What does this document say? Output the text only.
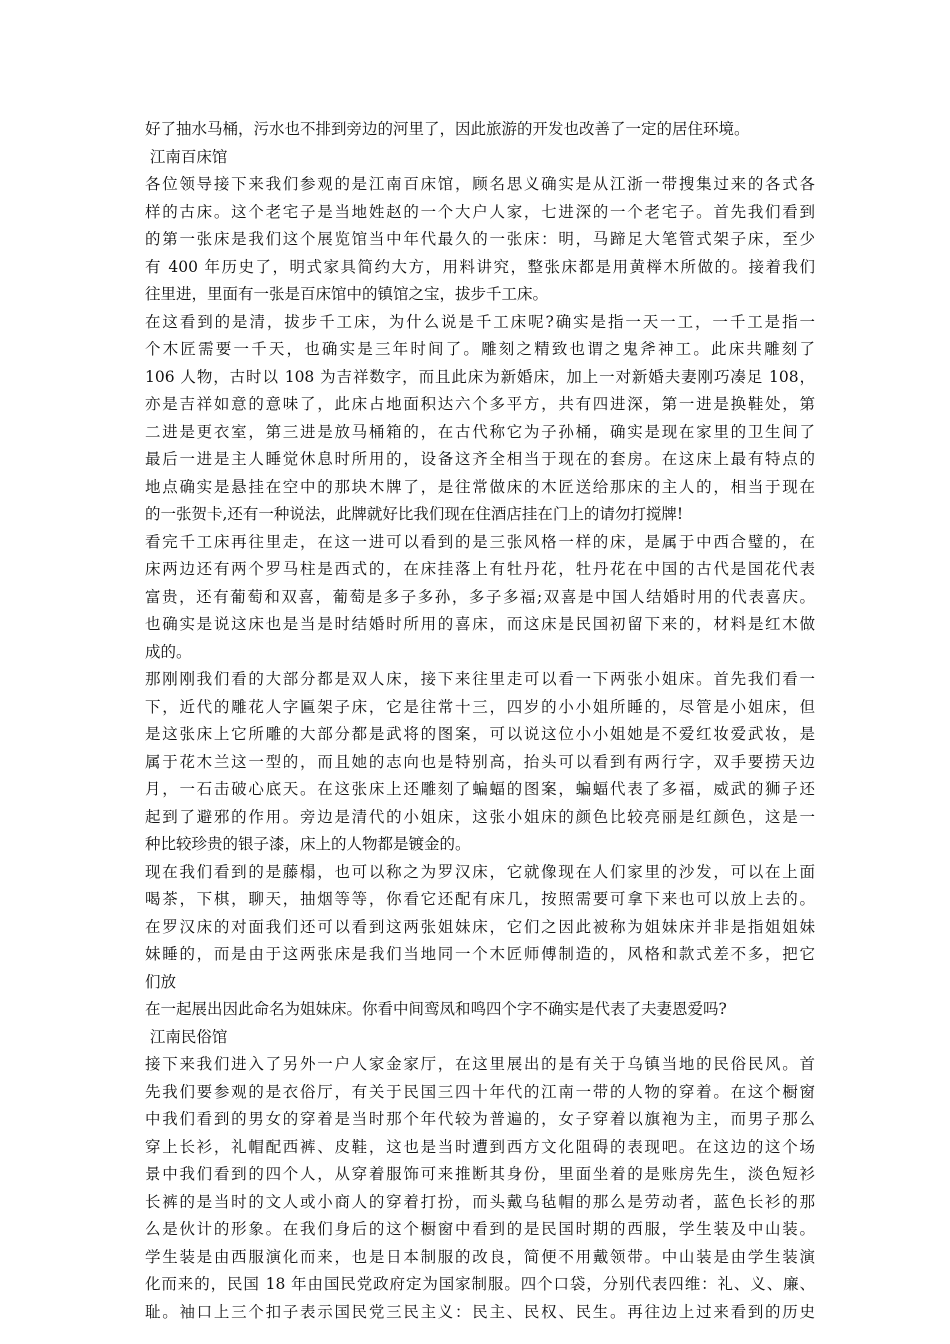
好了抽水马桶，污水也不排到旁边的河里了，因此旅游的开发也改善了一定的居住环境。
江南百床馆
各位领导接下来我们参观的是江南百床馆，顾名思义确实是从江浙一带搜集过来的各式各
样的古床。这个老宅子是当地姓赵的一个大户人家，七进深的一个老宅子。首先我们看到
的第一张床是我们这个展览馆当中年代最久的一张床：明，马蹄足大笔管式架子床，至少
有 400 年历史了，明式家具简约大方，用料讲究，整张床都是用黄榉木所做的。接着我们
往里进，里面有一张是百床馆中的镇馆之宝，拔步千工床。
在这看到的是清，拔步千工床，为什么说是千工床呢?确实是指一天一工，一千工是指一
个木匠需要一千天，也确实是三年时间了。雕刻之精致也谓之鬼斧神工。此床共雕刻了
106 人物，古时以 108 为吉祥数字，而且此床为新婚床，加上一对新婚夫妻刚巧凑足 108，
亦是吉祥如意的意味了，此床占地面积达六个多平方，共有四进深，第一进是换鞋处，第
二进是更衣室，第三进是放马桶箱的，在古代称它为子孙桶，确实是现在家里的卫生间了
最后一进是主人睡觉休息时所用的，设备这齐全相当于现在的套房。在这床上最有特点的
地点确实是悬挂在空中的那块木牌了，是往常做床的木匠送给那床的主人的，相当于现在
的一张贺卡,还有一种说法，此牌就好比我们现在住酒店挂在门上的请勿打搅牌!
看完千工床再往里走，在这一进可以看到的是三张风格一样的床，是属于中西合璧的，在
床两边还有两个罗马柱是西式的，在床挂落上有牡丹花，牡丹花在中国的古代是国花代表
富贵，还有葡萄和双喜，葡萄是多子多孙，多子多福;双喜是中国人结婚时用的代表喜庆。
也确实是说这床也是当是时结婚时所用的喜床，而这床是民国初留下来的，材料是红木做
成的。
那刚刚我们看的大部分都是双人床，接下来往里走可以看一下两张小姐床。首先我们看一
下，近代的雕花人字匾架子床，它是往常十三，四岁的小小姐所睡的，尽管是小姐床，但
是这张床上它所雕的大部分都是武将的图案，可以说这位小小姐她是不爱红妆爱武妆，是
属于花木兰这一型的，而且她的志向也是特别高，抬头可以看到有两行字，双手要捞天边
月，一石击破心底天。在这张床上还雕刻了蝙蝠的图案，蝙蝠代表了多福，威武的狮子还
起到了避邪的作用。旁边是清代的小姐床，这张小姐床的颜色比较亮丽是红颜色，这是一
种比较珍贵的银子漆，床上的人物都是镀金的。
现在我们看到的是藤榻，也可以称之为罗汉床，它就像现在人们家里的沙发，可以在上面
喝茶，下棋，聊天，抽烟等等，你看它还配有床几，按照需要可拿下来也可以放上去的。
在罗汉床的对面我们还可以看到这两张姐妹床，它们之因此被称为姐妹床并非是指姐姐妹
妹睡的，而是由于这两张床是我们当地同一个木匠师傅制造的，风格和款式差不多，把它
们放
在一起展出因此命名为姐妹床。你看中间鸾凤和鸣四个字不确实是代表了夫妻恩爱吗?
江南民俗馆
接下来我们进入了另外一户人家金家厅，在这里展出的是有关于乌镇当地的民俗民风。首
先我们要参观的是衣俗厅，有关于民国三四十年代的江南一带的人物的穿着。在这个橱窗
中我们看到的男女的穿着是当时那个年代较为普遍的，女子穿着以旗袍为主，而男子那么
穿上长衫，礼帽配西裤、皮鞋，这也是当时遭到西方文化阻碍的表现吧。在这边的这个场
景中我们看到的四个人，从穿着服饰可来推断其身份，里面坐着的是账房先生，淡色短衫
长裤的是当时的文人或小商人的穿着打扮，而头戴乌毡帽的那么是劳动者，蓝色长衫的那
么是伙计的形象。在我们身后的这个橱窗中看到的是民国时期的西服，学生装及中山装。
学生装是由西服演化而来，也是日本制服的改良，简便不用戴领带。中山装是由学生装演
化而来的，民国 18 年由国民党政府定为国家制服。四个口袋，分别代表四维：礼、义、廉、
耻。袖口上三个扣子表示国民党三民主义：民主、民权、民生。再往边上过来看到的历史
